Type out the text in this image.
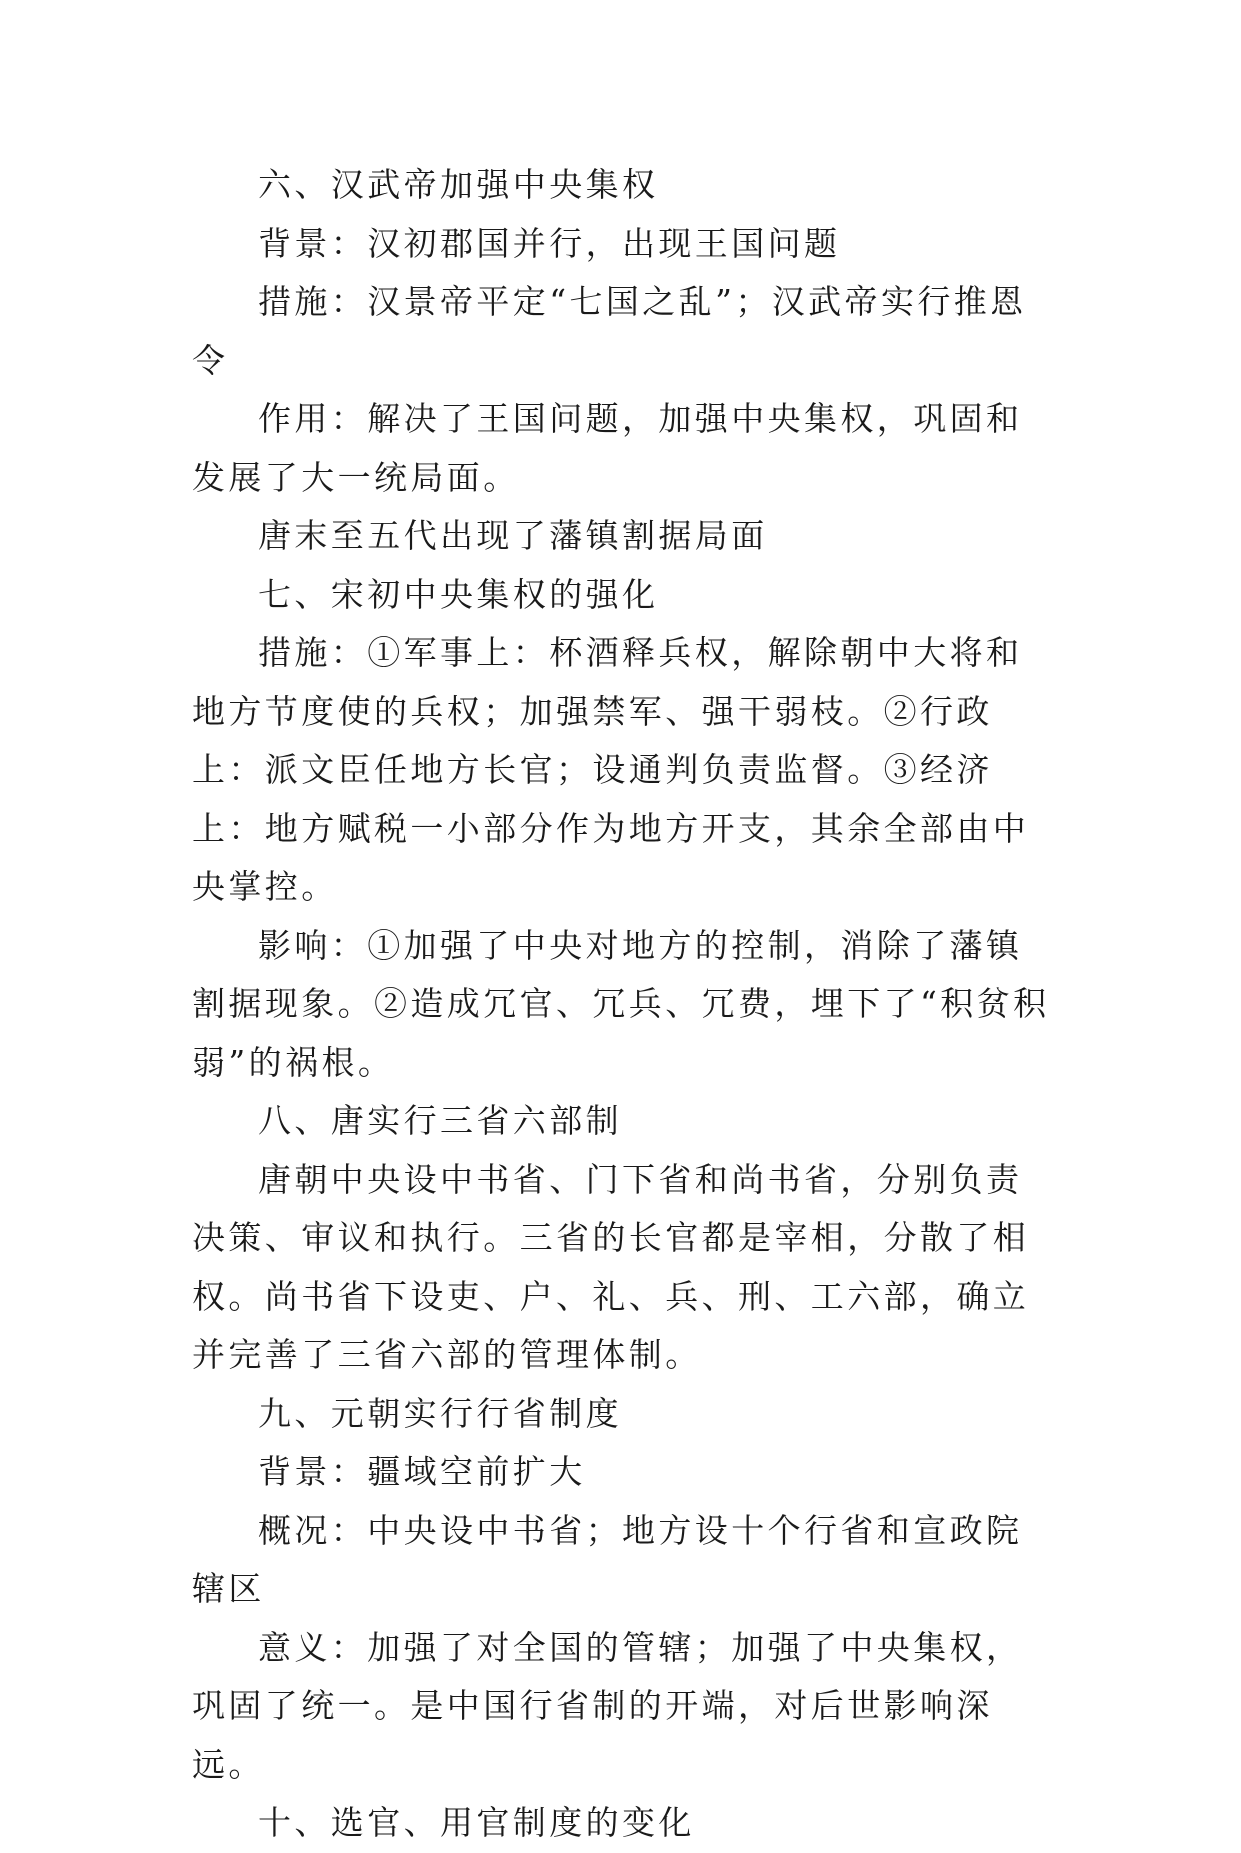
六、汉武帝加强中央集权

背景：汉初郡国并行，出现王国问题

措施：汉景帝平定“七国之乱”；汉武帝实行推恩令

作用：解决了王国问题，加强中央集权，巩固和发展了大一统局面。

唐末至五代出现了藩镇割据局面

七、宋初中央集权的强化

措施：①军事上：杯酒释兵权，解除朝中大将和地方节度使的兵权；加强禁军、强干弱枝。②行政上：派文臣任地方长官；设通判负责监督。③经济上：地方赋税一小部分作为地方开支，其余全部由中央掌控。

影响：①加强了中央对地方的控制，消除了藩镇割据现象。②造成冗官、冗兵、冗费，埋下了“积贫积弱”的祸根。

八、唐实行三省六部制

唐朝中央设中书省、门下省和尚书省，分别负责决策、审议和执行。三省的长官都是宰相，分散了相权。尚书省下设吏、户、礼、兵、刑、工六部，确立并完善了三省六部的管理体制。

九、元朝实行行省制度

背景：疆域空前扩大

概况：中央设中书省；地方设十个行省和宣政院辖区

意义：加强了对全国的管辖；加强了中央集权，巩固了统一。是中国行省制的开端，对后世影响深远。

十、选官、用官制度的变化
